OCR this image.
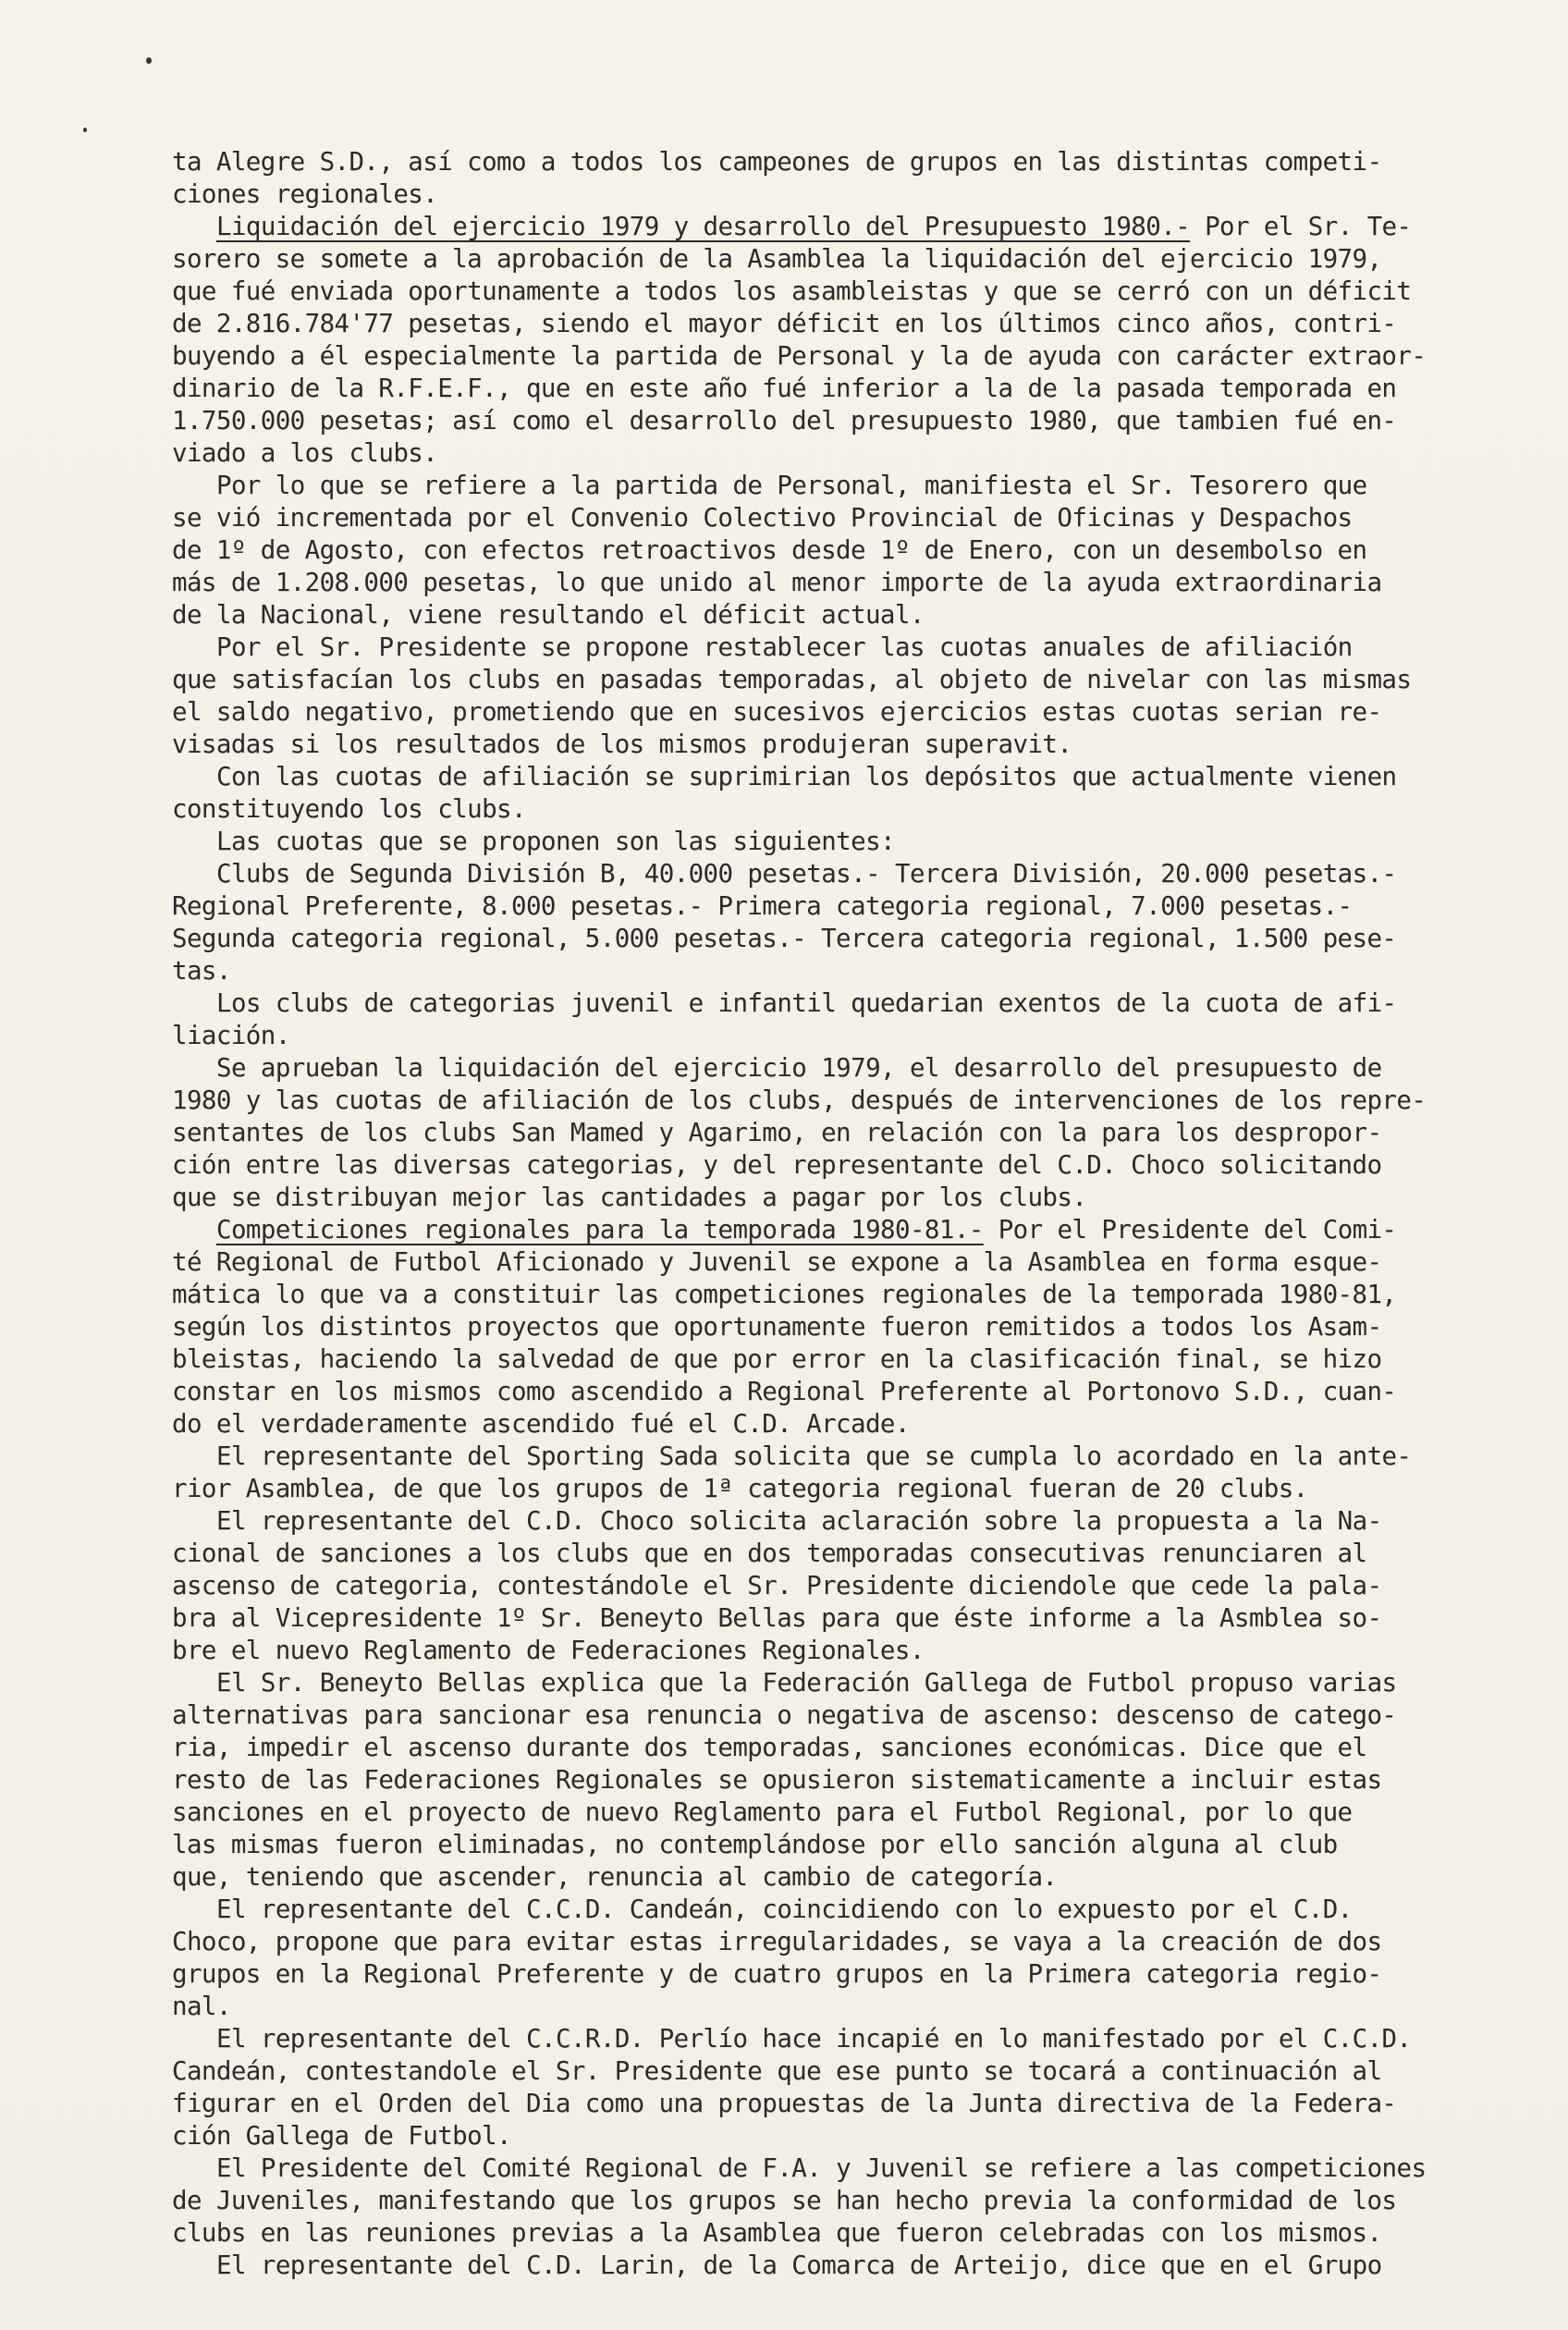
ta Alegre S.D., así como a todos los campeones de grupos en las distintas competi-
ciones regionales.
Liquidación del ejercicio 1979 y desarrollo del Presupuesto 1980.- Por el Sr. Te-
sorero se somete a la aprobación de la Asamblea la liquidación del ejercicio 1979,
que fué enviada oportunamente a todos los asambleistas y que se cerró con un déficit
de 2.816.784'77 pesetas, siendo el mayor déficit en los últimos cinco años, contri-
buyendo a él especialmente la partida de Personal y la de ayuda con carácter extraor-
dinario de la R.F.E.F., que en este año fué inferior a la de la pasada temporada en
1.750.000 pesetas; así como el desarrollo del presupuesto 1980, que tambien fué en-
viado a los clubs.
Por lo que se refiere a la partida de Personal, manifiesta el Sr. Tesorero que
se vió incrementada por el Convenio Colectivo Provincial de Oficinas y Despachos
de 1º de Agosto, con efectos retroactivos desde 1º de Enero, con un desembolso en
más de 1.208.000 pesetas, lo que unido al menor importe de la ayuda extraordinaria
de la Nacional, viene resultando el déficit actual.
Por el Sr. Presidente se propone restablecer las cuotas anuales de afiliación
que satisfacían los clubs en pasadas temporadas, al objeto de nivelar con las mismas
el saldo negativo, prometiendo que en sucesivos ejercicios estas cuotas serian re-
visadas si los resultados de los mismos produjeran superavit.
Con las cuotas de afiliación se suprimirian los depósitos que actualmente vienen
constituyendo los clubs.
Las cuotas que se proponen son las siguientes:
Clubs de Segunda División B, 40.000 pesetas.- Tercera División, 20.000 pesetas.-
Regional Preferente, 8.000 pesetas.- Primera categoria regional, 7.000 pesetas.-
Segunda categoria regional, 5.000 pesetas.- Tercera categoria regional, 1.500 pese-
tas.
Los clubs de categorias juvenil e infantil quedarian exentos de la cuota de afi-
liación.
Se aprueban la liquidación del ejercicio 1979, el desarrollo del presupuesto de
1980 y las cuotas de afiliación de los clubs, después de intervenciones de los repre-
sentantes de los clubs San Mamed y Agarimo, en relación con la para los despropor-
ción entre las diversas categorias, y del representante del C.D. Choco solicitando
que se distribuyan mejor las cantidades a pagar por los clubs.
Competiciones regionales para la temporada 1980-81.- Por el Presidente del Comi-
té Regional de Futbol Aficionado y Juvenil se expone a la Asamblea en forma esque-
mática lo que va a constituir las competiciones regionales de la temporada 1980-81,
según los distintos proyectos que oportunamente fueron remitidos a todos los Asam-
bleistas, haciendo la salvedad de que por error en la clasificación final, se hizo
constar en los mismos como ascendido a Regional Preferente al Portonovo S.D., cuan-
do el verdaderamente ascendido fué el C.D. Arcade.
El representante del Sporting Sada solicita que se cumpla lo acordado en la ante-
rior Asamblea, de que los grupos de 1ª categoria regional fueran de 20 clubs.
El representante del C.D. Choco solicita aclaración sobre la propuesta a la Na-
cional de sanciones a los clubs que en dos temporadas consecutivas renunciaren al
ascenso de categoria, contestándole el Sr. Presidente diciendole que cede la pala-
bra al Vicepresidente 1º Sr. Beneyto Bellas para que éste informe a la Asmblea so-
bre el nuevo Reglamento de Federaciones Regionales.
El Sr. Beneyto Bellas explica que la Federación Gallega de Futbol propuso varias
alternativas para sancionar esa renuncia o negativa de ascenso: descenso de catego-
ria, impedir el ascenso durante dos temporadas, sanciones económicas. Dice que el
resto de las Federaciones Regionales se opusieron sistematicamente a incluir estas
sanciones en el proyecto de nuevo Reglamento para el Futbol Regional, por lo que
las mismas fueron eliminadas, no contemplándose por ello sanción alguna al club
que, teniendo que ascender, renuncia al cambio de categoría.
El representante del C.C.D. Candeán, coincidiendo con lo expuesto por el C.D.
Choco, propone que para evitar estas irregularidades, se vaya a la creación de dos
grupos en la Regional Preferente y de cuatro grupos en la Primera categoria regio-
nal.
El representante del C.C.R.D. Perlío hace incapié en lo manifestado por el C.C.D.
Candeán, contestandole el Sr. Presidente que ese punto se tocará a continuación al
figurar en el Orden del Dia como una propuestas de la Junta directiva de la Federa-
ción Gallega de Futbol.
El Presidente del Comité Regional de F.A. y Juvenil se refiere a las competiciones
de Juveniles, manifestando que los grupos se han hecho previa la conformidad de los
clubs en las reuniones previas a la Asamblea que fueron celebradas con los mismos.
El representante del C.D. Larin, de la Comarca de Arteijo, dice que en el Grupo
